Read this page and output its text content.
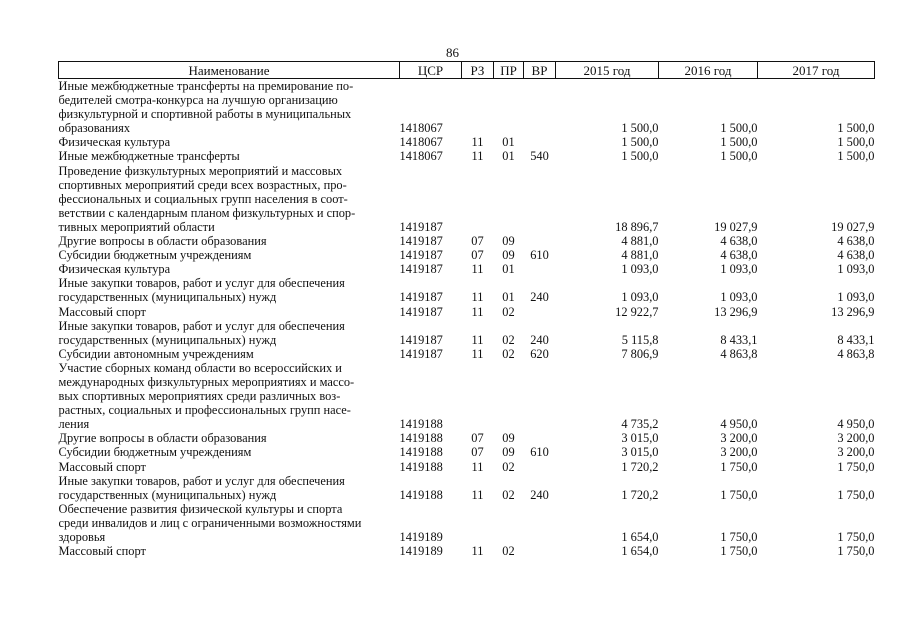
86
Наименование	ЦСР	РЗ	ПР	ВР	2015 год	2016 год	2017 год
Иные межбюджетные трансферты на премирование по-
бедителей смотра-конкурса на лучшую организацию
физкультурной и спортивной работы в муниципальных
образованиях	1418067				1 500,0	1 500,0	1 500,0
Физическая культура	1418067	11	01		1 500,0	1 500,0	1 500,0
Иные межбюджетные трансферты	1418067	11	01	540	1 500,0	1 500,0	1 500,0
Проведение физкультурных мероприятий и массовых
спортивных мероприятий среди всех возрастных, про-
фессиональных и социальных групп населения в соот-
ветствии с календарным планом физкультурных и спор-
тивных мероприятий области	1419187				18 896,7	19 027,9	19 027,9
Другие вопросы в области образования	1419187	07	09		4 881,0	4 638,0	4 638,0
Субсидии бюджетным учреждениям	1419187	07	09	610	4 881,0	4 638,0	4 638,0
Физическая культура	1419187	11	01		1 093,0	1 093,0	1 093,0
Иные закупки товаров, работ и услуг для обеспечения
государственных (муниципальных) нужд	1419187	11	01	240	1 093,0	1 093,0	1 093,0
Массовый спорт	1419187	11	02		12 922,7	13 296,9	13 296,9
Иные закупки товаров, работ и услуг для обеспечения
государственных (муниципальных) нужд	1419187	11	02	240	5 115,8	8 433,1	8 433,1
Субсидии автономным учреждениям	1419187	11	02	620	7 806,9	4 863,8	4 863,8
Участие сборных команд области во всероссийских и
международных физкультурных мероприятиях и массо-
вых спортивных мероприятиях среди различных воз-
растных, социальных и профессиональных групп насе-
ления	1419188				4 735,2	4 950,0	4 950,0
Другие вопросы в области образования	1419188	07	09		3 015,0	3 200,0	3 200,0
Субсидии бюджетным учреждениям	1419188	07	09	610	3 015,0	3 200,0	3 200,0
Массовый спорт	1419188	11	02		1 720,2	1 750,0	1 750,0
Иные закупки товаров, работ и услуг для обеспечения
государственных (муниципальных) нужд	1419188	11	02	240	1 720,2	1 750,0	1 750,0
Обеспечение развития физической культуры и спорта
среди инвалидов и лиц с ограниченными возможностями
здоровья	1419189				1 654,0	1 750,0	1 750,0
Массовый спорт	1419189	11	02		1 654,0	1 750,0	1 750,0
